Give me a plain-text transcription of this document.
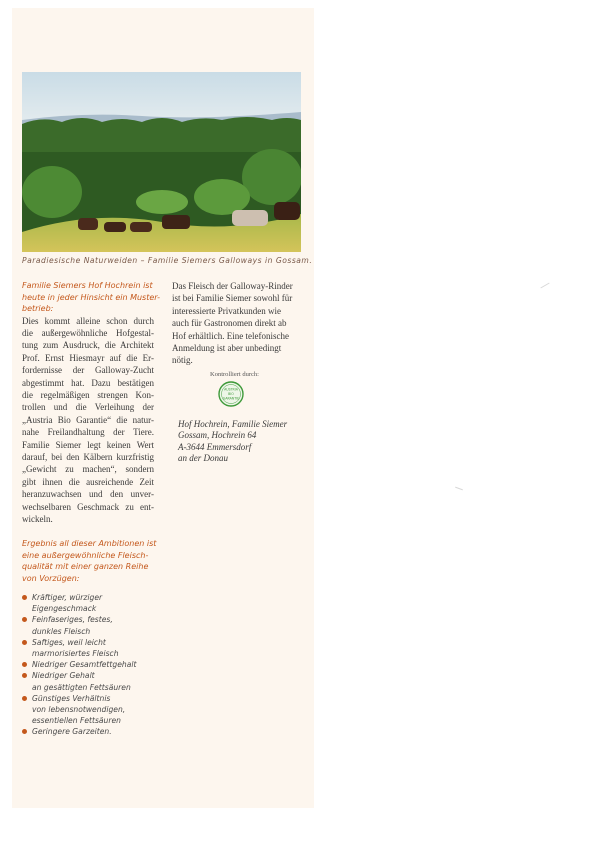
Paradiesische Naturweiden – Familie Siemers Galloways in Gossam.

Familie Siemers Hof Hochrein ist
heute in jeder Hinsicht ein Muster-
betrieb:

Dies kommt alleine schon durch
die außergewöhnliche Hofgestal-
tung zum Ausdruck, die Architekt
Prof. Ernst Hiesmayr auf die Er-
fordernisse der Galloway-Zucht
abgestimmt hat. Dazu bestätigen
die regelmäßigen strengen Kon-
trollen und die Verleihung der
„Austria Bio Garantie“ die natur-
nahe Freilandhaltung der Tiere.
Familie Siemer legt keinen Wert
darauf, bei den Kälbern kurzfristig
„Gewicht zu machen“, sondern
gibt ihnen die ausreichende Zeit
heranzuwachsen und den unver-
wechselbaren Geschmack zu ent-
wickeln.

Das Fleisch der Galloway-Rinder
ist bei Familie Siemer sowohl für
interessierte Privatkunden wie
auch für Gastronomen direkt ab
Hof erhältlich. Eine telefonische
Anmeldung ist aber unbedingt
nötig.

Kontrolliert durch:
AUSTRIA
BIO
GARANTIE
Hof Hochrein, Familie Siemer
Gossam, Hochrein 64
A-3644 Emmersdorf
an der Donau

Ergebnis all dieser Ambitionen ist
eine außergewöhnliche Fleisch-
qualität mit einer ganzen Reihe
von Vorzügen:

Kräftiger, würziger
Eigengeschmack
Feinfaseriges, festes,
dunkles Fleisch
Saftiges, weil leicht
marmorisiertes Fleisch
Niedriger Gesamtfettgehalt
Niedriger Gehalt
an gesättigten Fettsäuren
Günstiges Verhältnis
von lebensnotwendigen,
essentiellen Fettsäuren
Geringere Garzeiten.
